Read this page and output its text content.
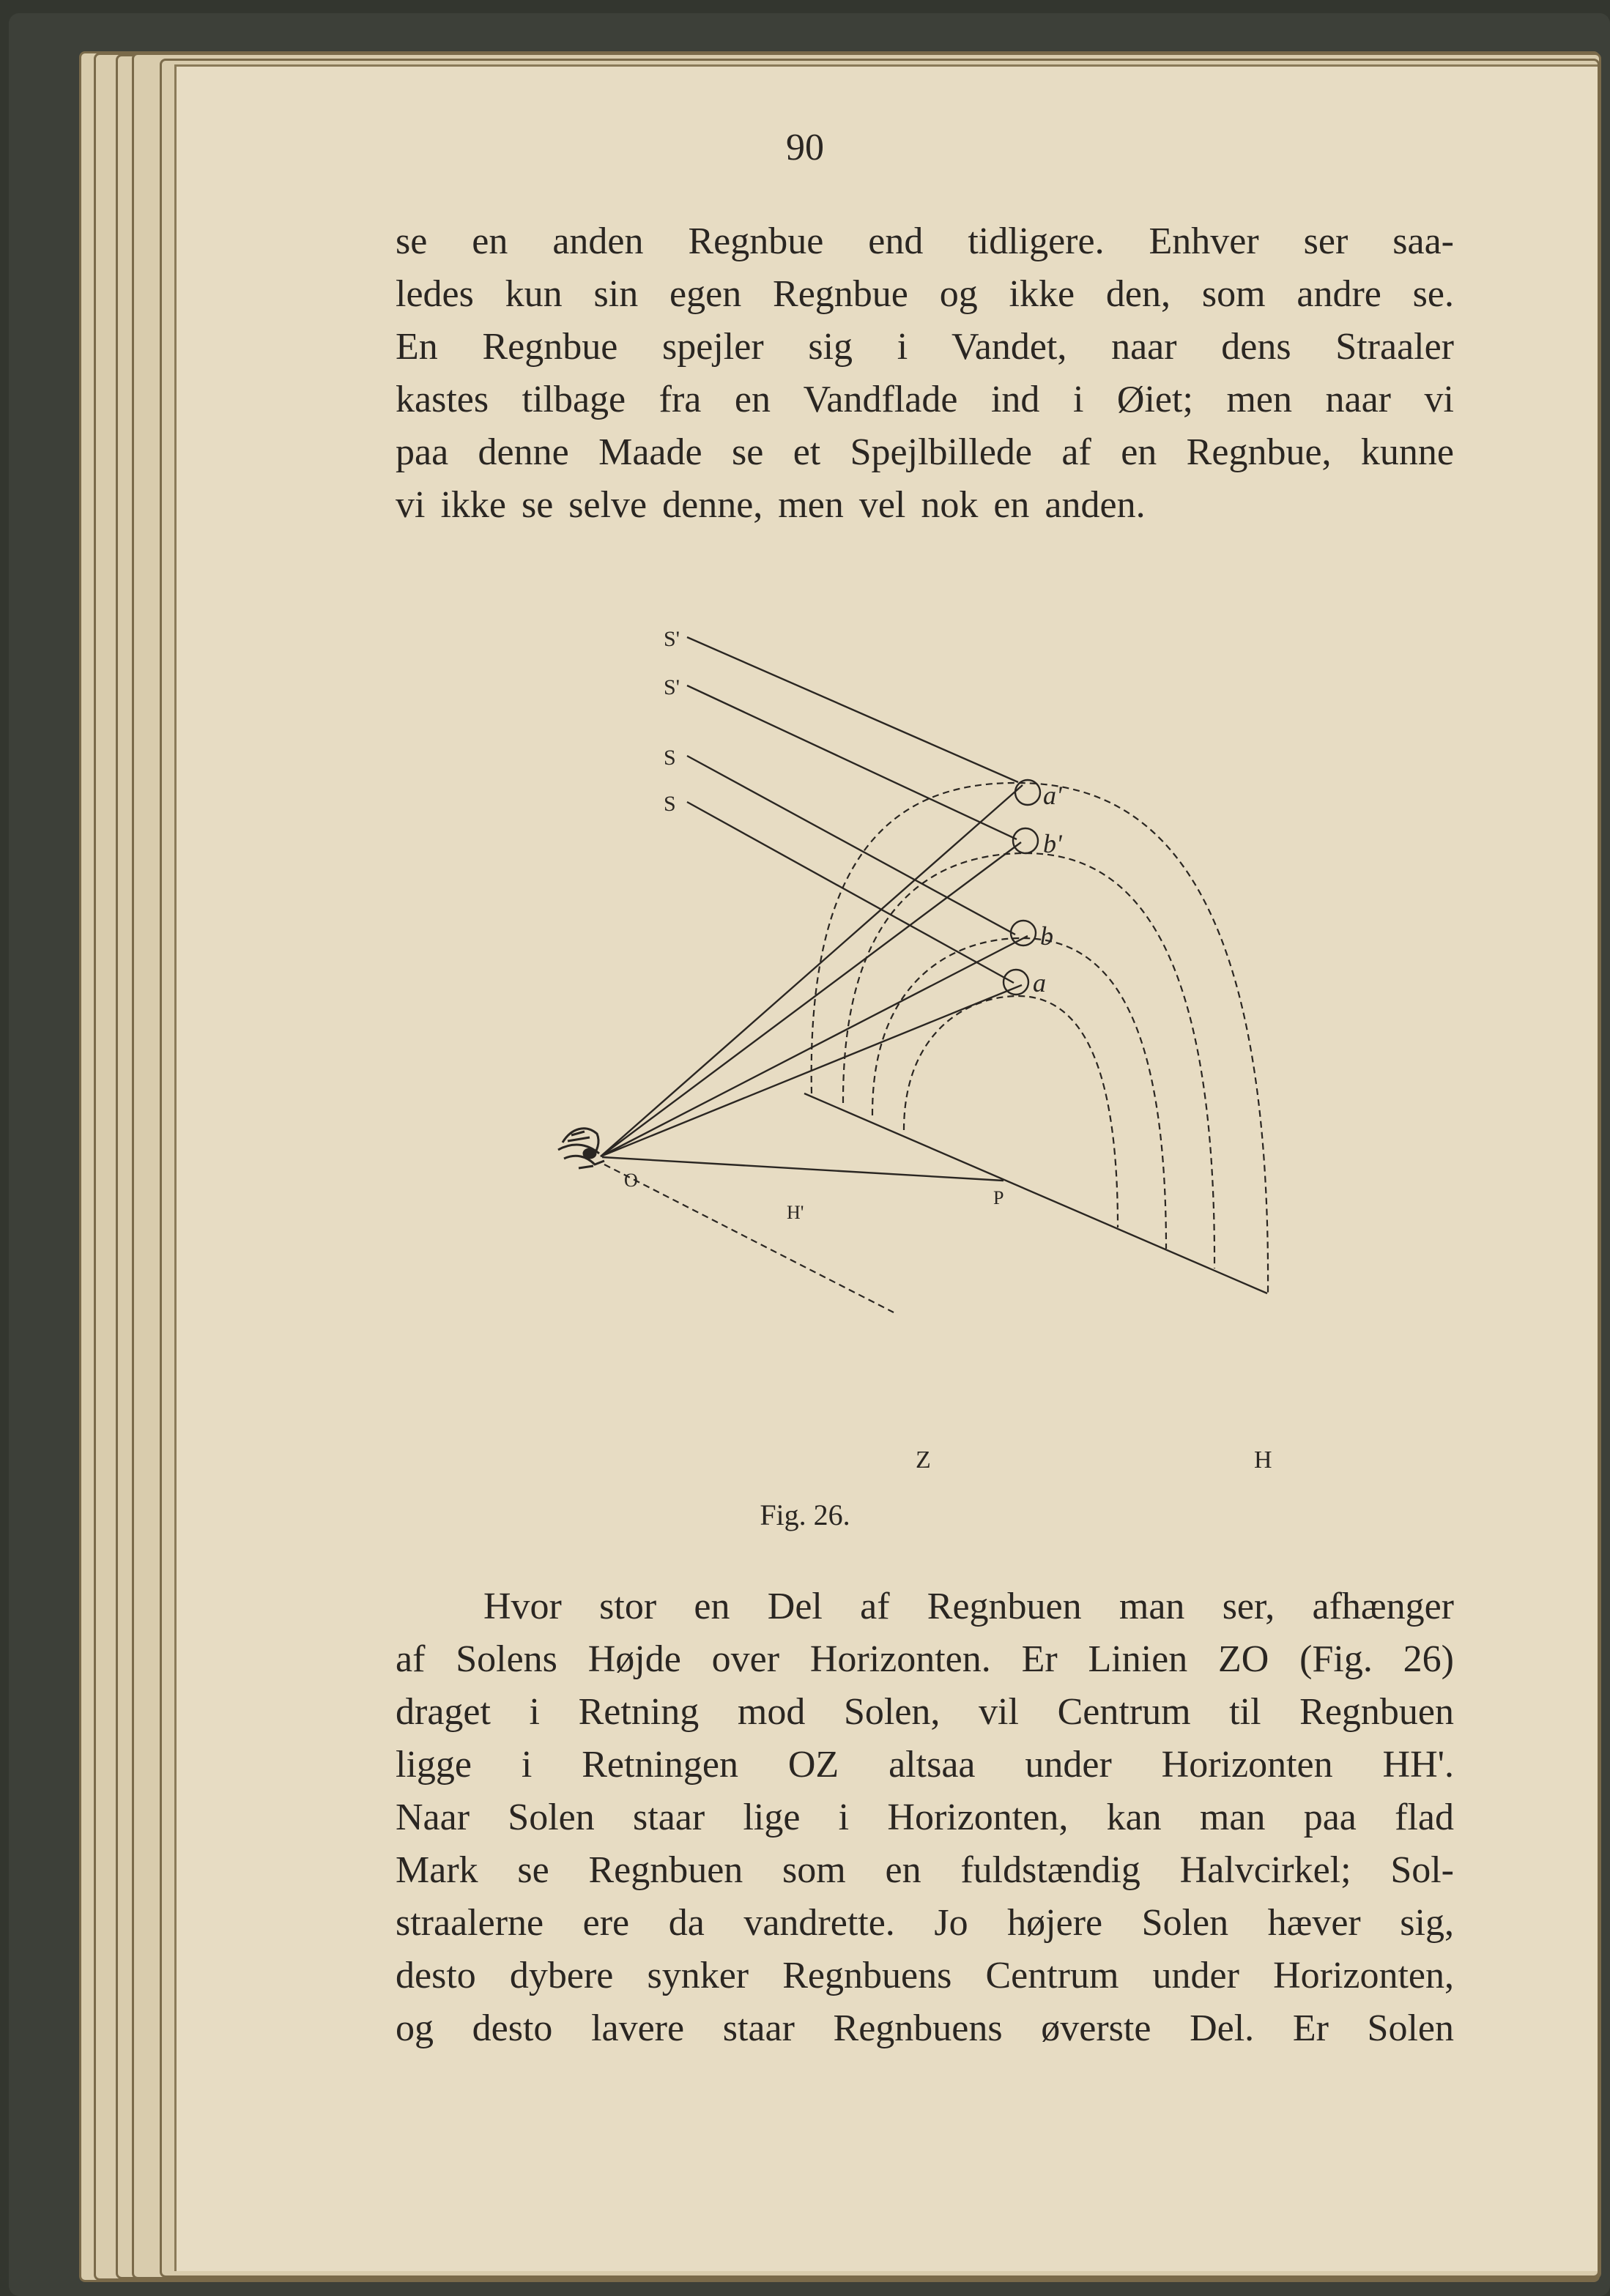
90
se en anden Regnbue end tidligere. Enhver ser saa-
ledes kun sin egen Regnbue og ikke den, som andre se.
En Regnbue spejler sig i Vandet, naar dens Straaler
kastes tilbage fra en Vandflade ind i Øiet; men naar vi
paa denne Maade se et Spejlbillede af en Regnbue, kunne
vi ikke se selve denne, men vel nok en anden.
S'
S'
S
S	a'
b'
b
a
H'
O
P
Z	H
Fig. 26.
Hvor stor en Del af Regnbuen man ser, afhænger
af Solens Højde over Horizonten. Er Linien ZO (Fig. 26)
draget i Retning mod Solen, vil Centrum til Regnbuen
ligge i Retningen OZ altsaa under Horizonten HH'.
Naar Solen staar lige i Horizonten, kan man paa flad
Mark se Regnbuen som en fuldstændig Halvcirkel; Sol-
straalerne ere da vandrette. Jo højere Solen hæver sig,
desto dybere synker Regnbuens Centrum under Horizonten,
og desto lavere staar Regnbuens øverste Del. Er Solen
